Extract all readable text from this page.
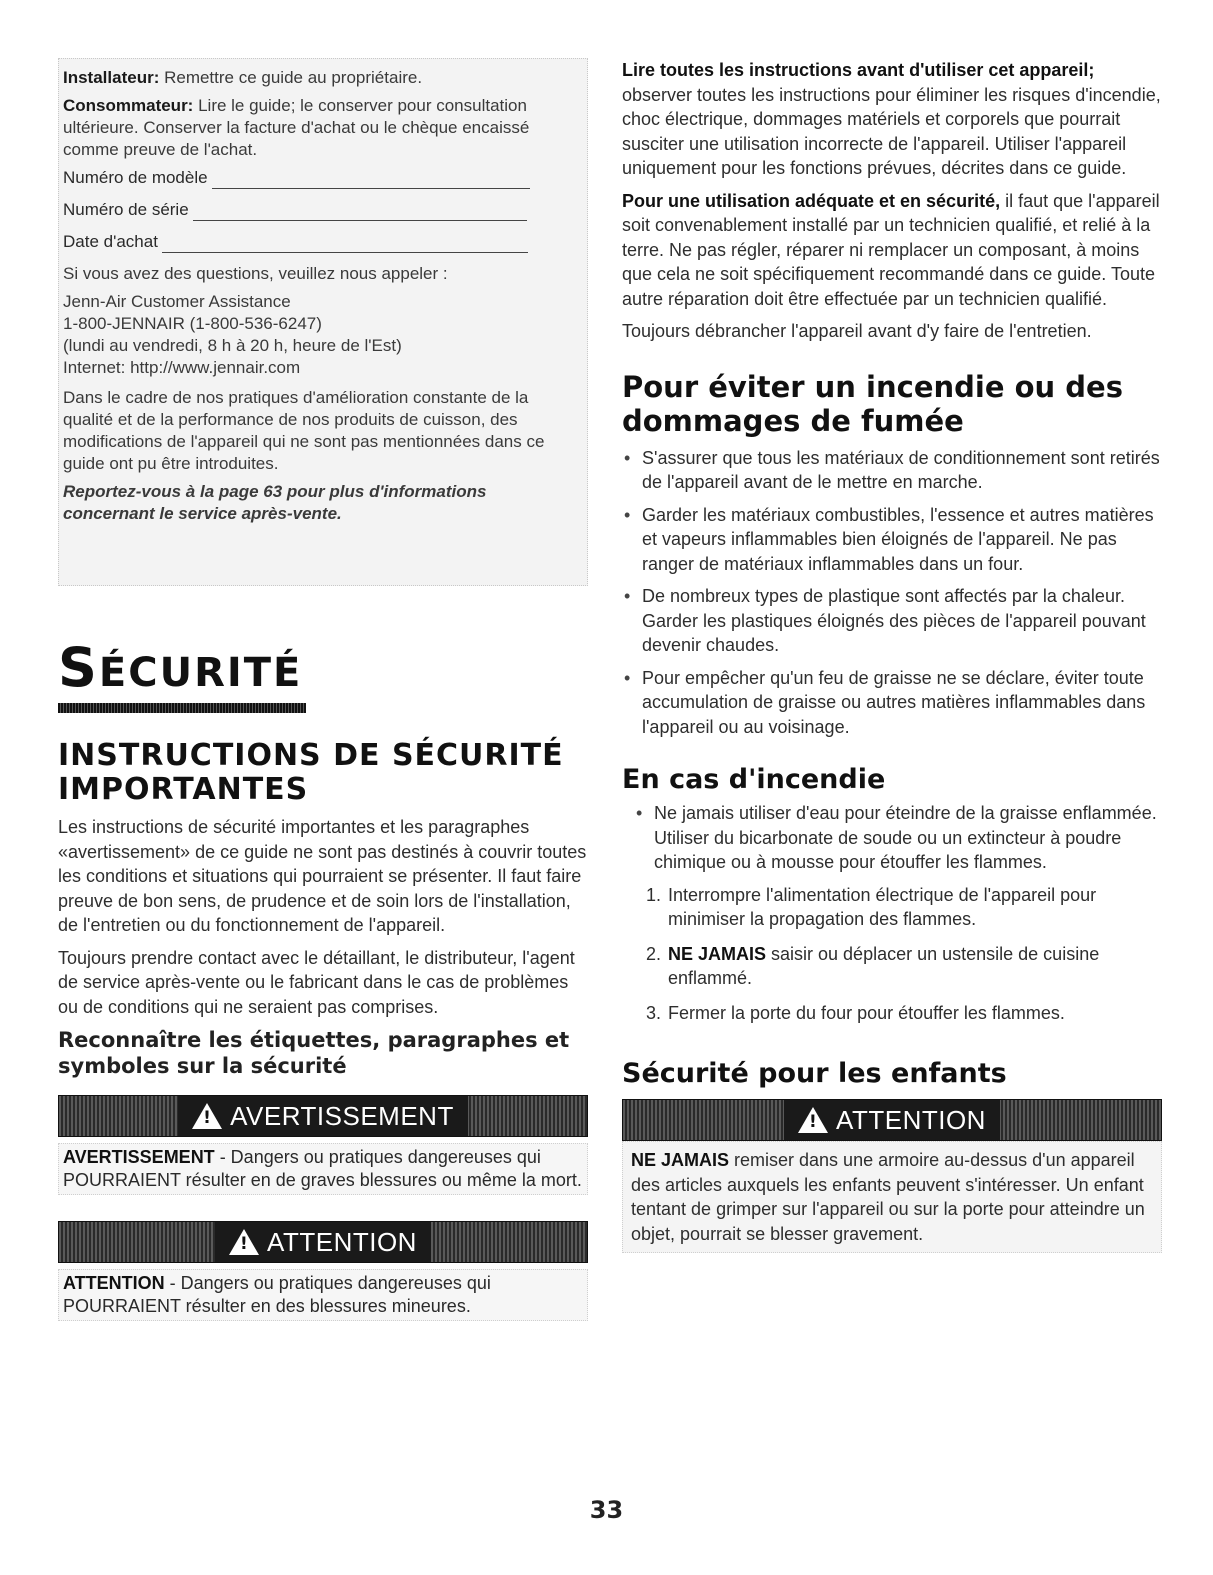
Installateur: Remettre ce guide au propriétaire.

Consommateur: Lire le guide; le conserver pour consultation ultérieure. Conserver la facture d'achat ou le chèque encaissé comme preuve de l'achat.

Numéro de modèle
Numéro de série
Date d'achat

Si vous avez des questions, veuillez nous appeler :

Jenn-Air Customer Assistance

1-800-JENNAIR (1-800-536-6247)

(lundi au vendredi, 8 h à 20 h, heure de l'Est)

Internet: http://www.jennair.com

Dans le cadre de nos pratiques d'amélioration constante de la qualité et de la performance de nos produits de cuisson, des modifications de l'appareil qui ne sont pas mentionnées dans ce guide ont pu être introduites.

Reportez-vous à la page 63 pour plus d'informations concernant le service après-vente.

SÉCURITÉ
INSTRUCTIONS DE SÉCURITÉ IMPORTANTES

Les instructions de sécurité importantes et les paragraphes «avertissement» de ce guide ne sont pas destinés à couvrir toutes les conditions et situations qui pourraient se présenter. Il faut faire preuve de bon sens, de prudence et de soin lors de l'installation, de l'entretien ou du fonctionnement de l'appareil.

Toujours prendre contact avec le détaillant, le distributeur, l'agent de service après-vente ou le fabricant dans le cas de problèmes ou de conditions qui ne seraient pas comprises.

Reconnaître les étiquettes, paragraphes et symboles sur la sécurité
!
AVERTISSEMENT
AVERTISSEMENT - Dangers ou pratiques dangereuses qui POURRAIENT résulter en de graves blessures ou même la mort.
!
ATTENTION
ATTENTION - Dangers ou pratiques dangereuses qui POURRAIENT résulter en des blessures mineures.

Lire toutes les instructions avant d'utiliser cet appareil; observer toutes les instructions pour éliminer les risques d'incendie, choc électrique, dommages matériels et corporels que pourrait susciter une utilisation incorrecte de l'appareil. Utiliser l'appareil uniquement pour les fonctions prévues, décrites dans ce guide.

Pour une utilisation adéquate et en sécurité, il faut que l'appareil soit convenablement installé par un technicien qualifié, et relié à la terre. Ne pas régler, réparer ni remplacer un composant, à moins que cela ne soit spécifiquement recommandé dans ce guide. Toute autre réparation doit être effectuée par un technicien qualifié.

Toujours débrancher l'appareil avant d'y faire de l'entretien.

Pour éviter un incendie ou des dommages de fumée
• S'assurer que tous les matériaux de conditionnement sont retirés de l'appareil avant de le mettre en marche.
• Garder les matériaux combustibles, l'essence et autres matières et vapeurs inflammables bien éloignés de l'appareil. Ne pas ranger de matériaux inflammables dans un four.
• De nombreux types de plastique sont affectés par la chaleur. Garder les plastiques éloignés des pièces de l'appareil pouvant devenir chaudes.
• Pour empêcher qu'un feu de graisse ne se déclare, éviter toute accumulation de graisse ou autres matières inflammables dans l'appareil ou au voisinage.
En cas d'incendie
• Ne jamais utiliser d'eau pour éteindre de la graisse enflammée. Utiliser du bicarbonate de soude ou un extincteur à poudre chimique ou à mousse pour étouffer les flammes.
1. Interrompre l'alimentation électrique de l'appareil pour minimiser la propagation des flammes.
2. NE JAMAIS saisir ou déplacer un ustensile de cuisine enflammé.
3. Fermer la porte du four pour étouffer les flammes.
Sécurité pour les enfants
!
ATTENTION
NE JAMAIS remiser dans une armoire au-dessus d'un appareil des articles auxquels les enfants peuvent s'intéresser. Un enfant tentant de grimper sur l'appareil ou sur la porte pour atteindre un objet, pourrait se blesser gravement.
33
